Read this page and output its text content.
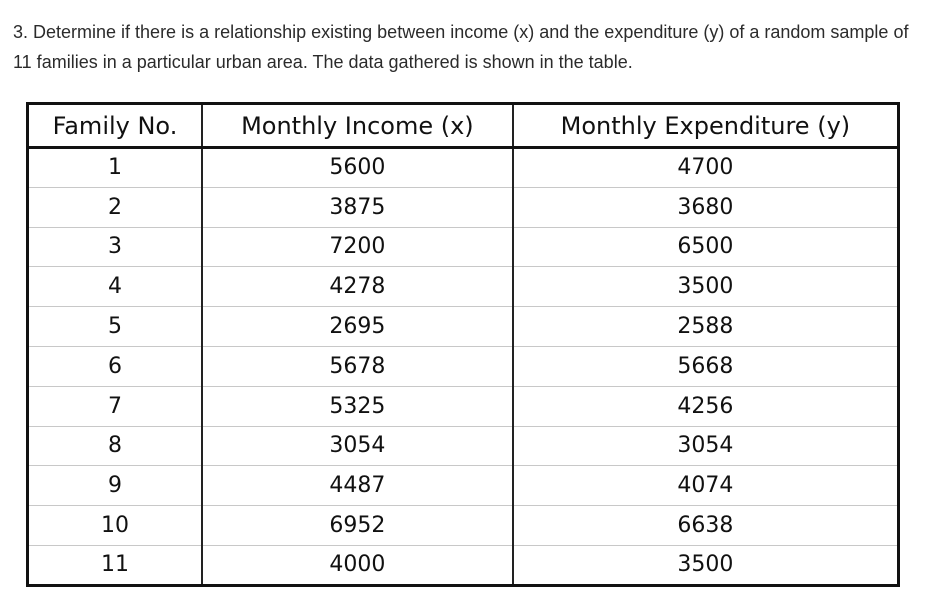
3. Determine if there is a relationship existing between income (x) and the expenditure (y) of a random sample of 11 families in a particular urban area. The data gathered is shown in the table.

Family No.	Monthly Income (x)	Monthly Expenditure (y)
1	5600	4700
2	3875	3680
3	7200	6500
4	4278	3500
5	2695	2588
6	5678	5668
7	5325	4256
8	3054	3054
9	4487	4074
10	6952	6638
11	4000	3500
